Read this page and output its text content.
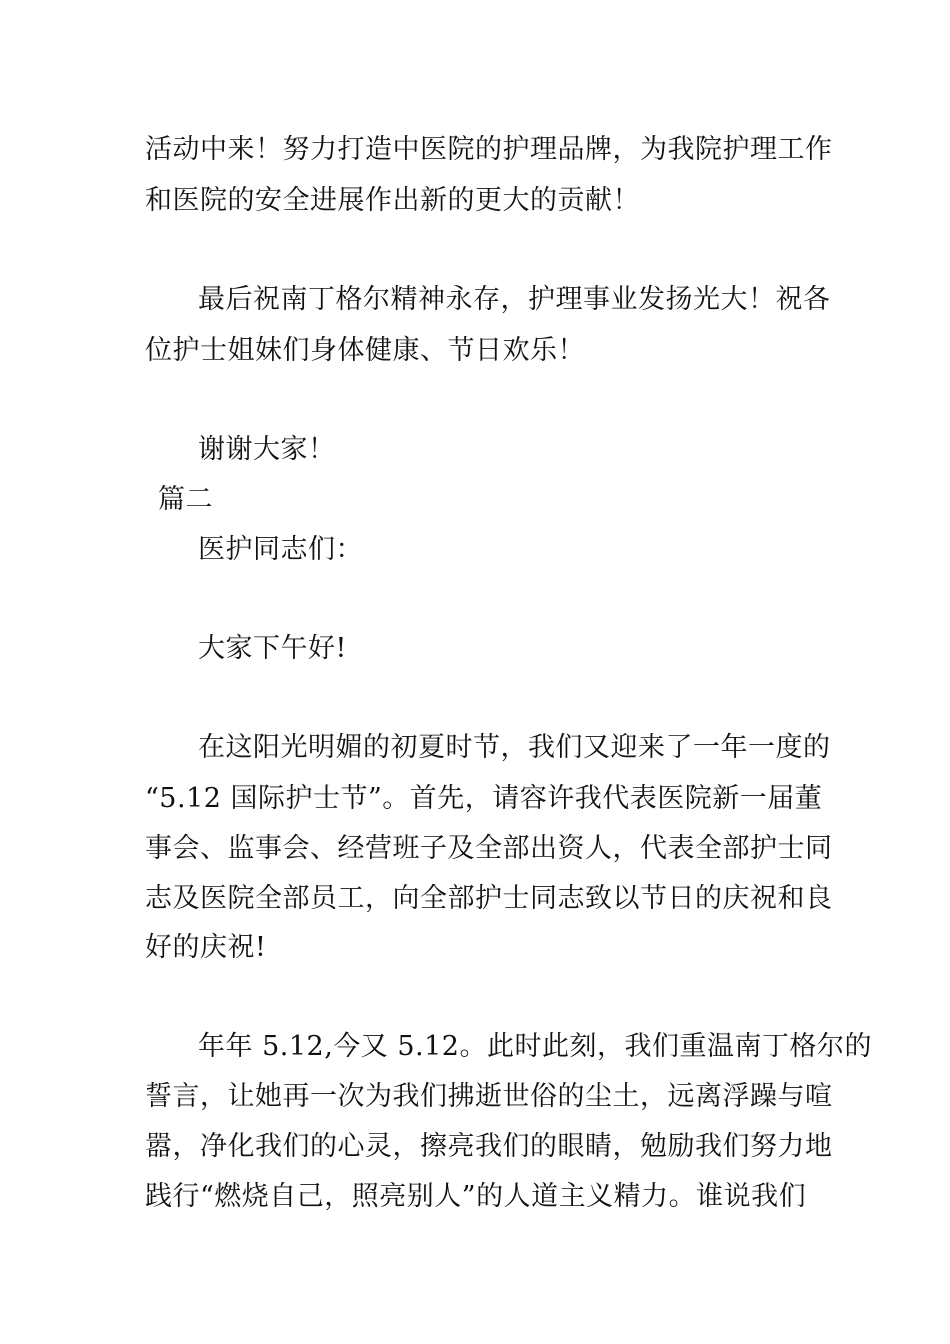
活动中来！努力打造中医院的护理品牌，为我院护理工作
和医院的安全进展作出新的更大的贡献！
最后祝南丁格尔精神永存，护理事业发扬光大！祝各
位护士姐妹们身体健康、节日欢乐！
谢谢大家！
篇二
医护同志们：
大家下午好!
在这阳光明媚的初夏时节，我们又迎来了一年一度的
“5.12 国际护士节”。首先，请容许我代表医院新一届董
事会、监事会、经营班子及全部出资人，代表全部护士同
志及医院全部员工，向全部护士同志致以节日的庆祝和良
好的庆祝!
年年 5.12,今又 5.12。此时此刻，我们重温南丁格尔的
誓言，让她再一次为我们拂逝世俗的尘土，远离浮躁与喧
嚣，净化我们的心灵，擦亮我们的眼睛，勉励我们努力地
践行“燃烧自己，照亮别人”的人道主义精力。谁说我们
